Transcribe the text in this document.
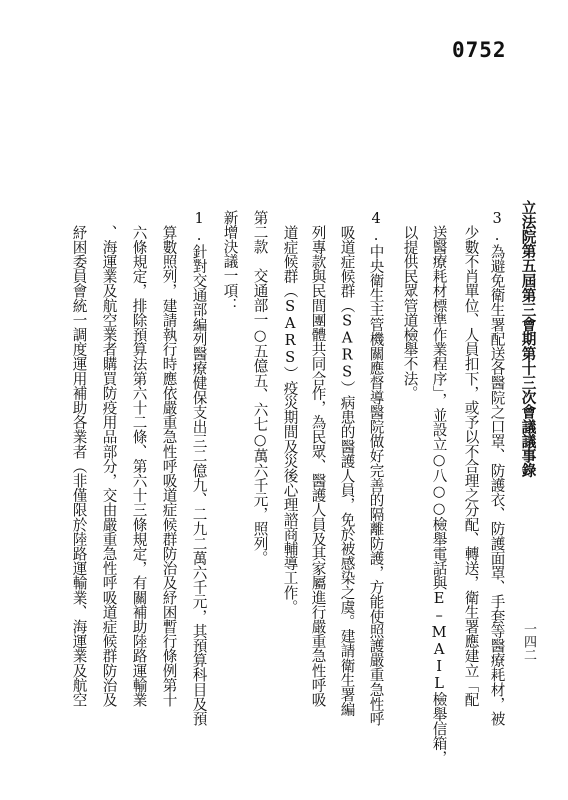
0752
立法院第五屆第三會期第十三次會議議事錄
3.為避免衛生署配送各醫院之口罩、防護衣、防護面罩、手套等醫療耗材，被
少數不肖單位、人員扣下，或予以不合理之分配、轉送，衛生署應建立「配
送醫療耗材標準作業程序」，並設立○八○○檢舉電話與E–MAIL檢舉信箱，
以提供民眾管道檢舉不法。
4.中央衛生主管機關應督導醫院做好完善的隔離防護，方能使照護嚴重急性呼
吸道症候群（SARS）病患的醫護人員，免於被感染之虞。建請衛生署編
列專款與民間團體共同合作，為民眾、醫護人員及其家屬進行嚴重急性呼吸
道症候群（SARS）疫災期間及災後心理諮商輔導工作。
第二款　交通部一○五億五、六七○萬六千元，照列。
新增決議一項：
1.針對交通部編列醫療健保支出三二億九、二九二萬六千元，其預算科目及預
算數照列，建請執行時應依嚴重急性呼吸道症候群防治及紓困暫行條例第十
六條規定，排除預算法第六十二條、第六十三條規定，有關補助陸路運輸業
、海運業及航空業者購買防疫用品部分，交由嚴重急性呼吸道症候群防治及
紓困委員會統一調度運用補助各業者（非僅限於陸路運輸業、海運業及航空	一四二
